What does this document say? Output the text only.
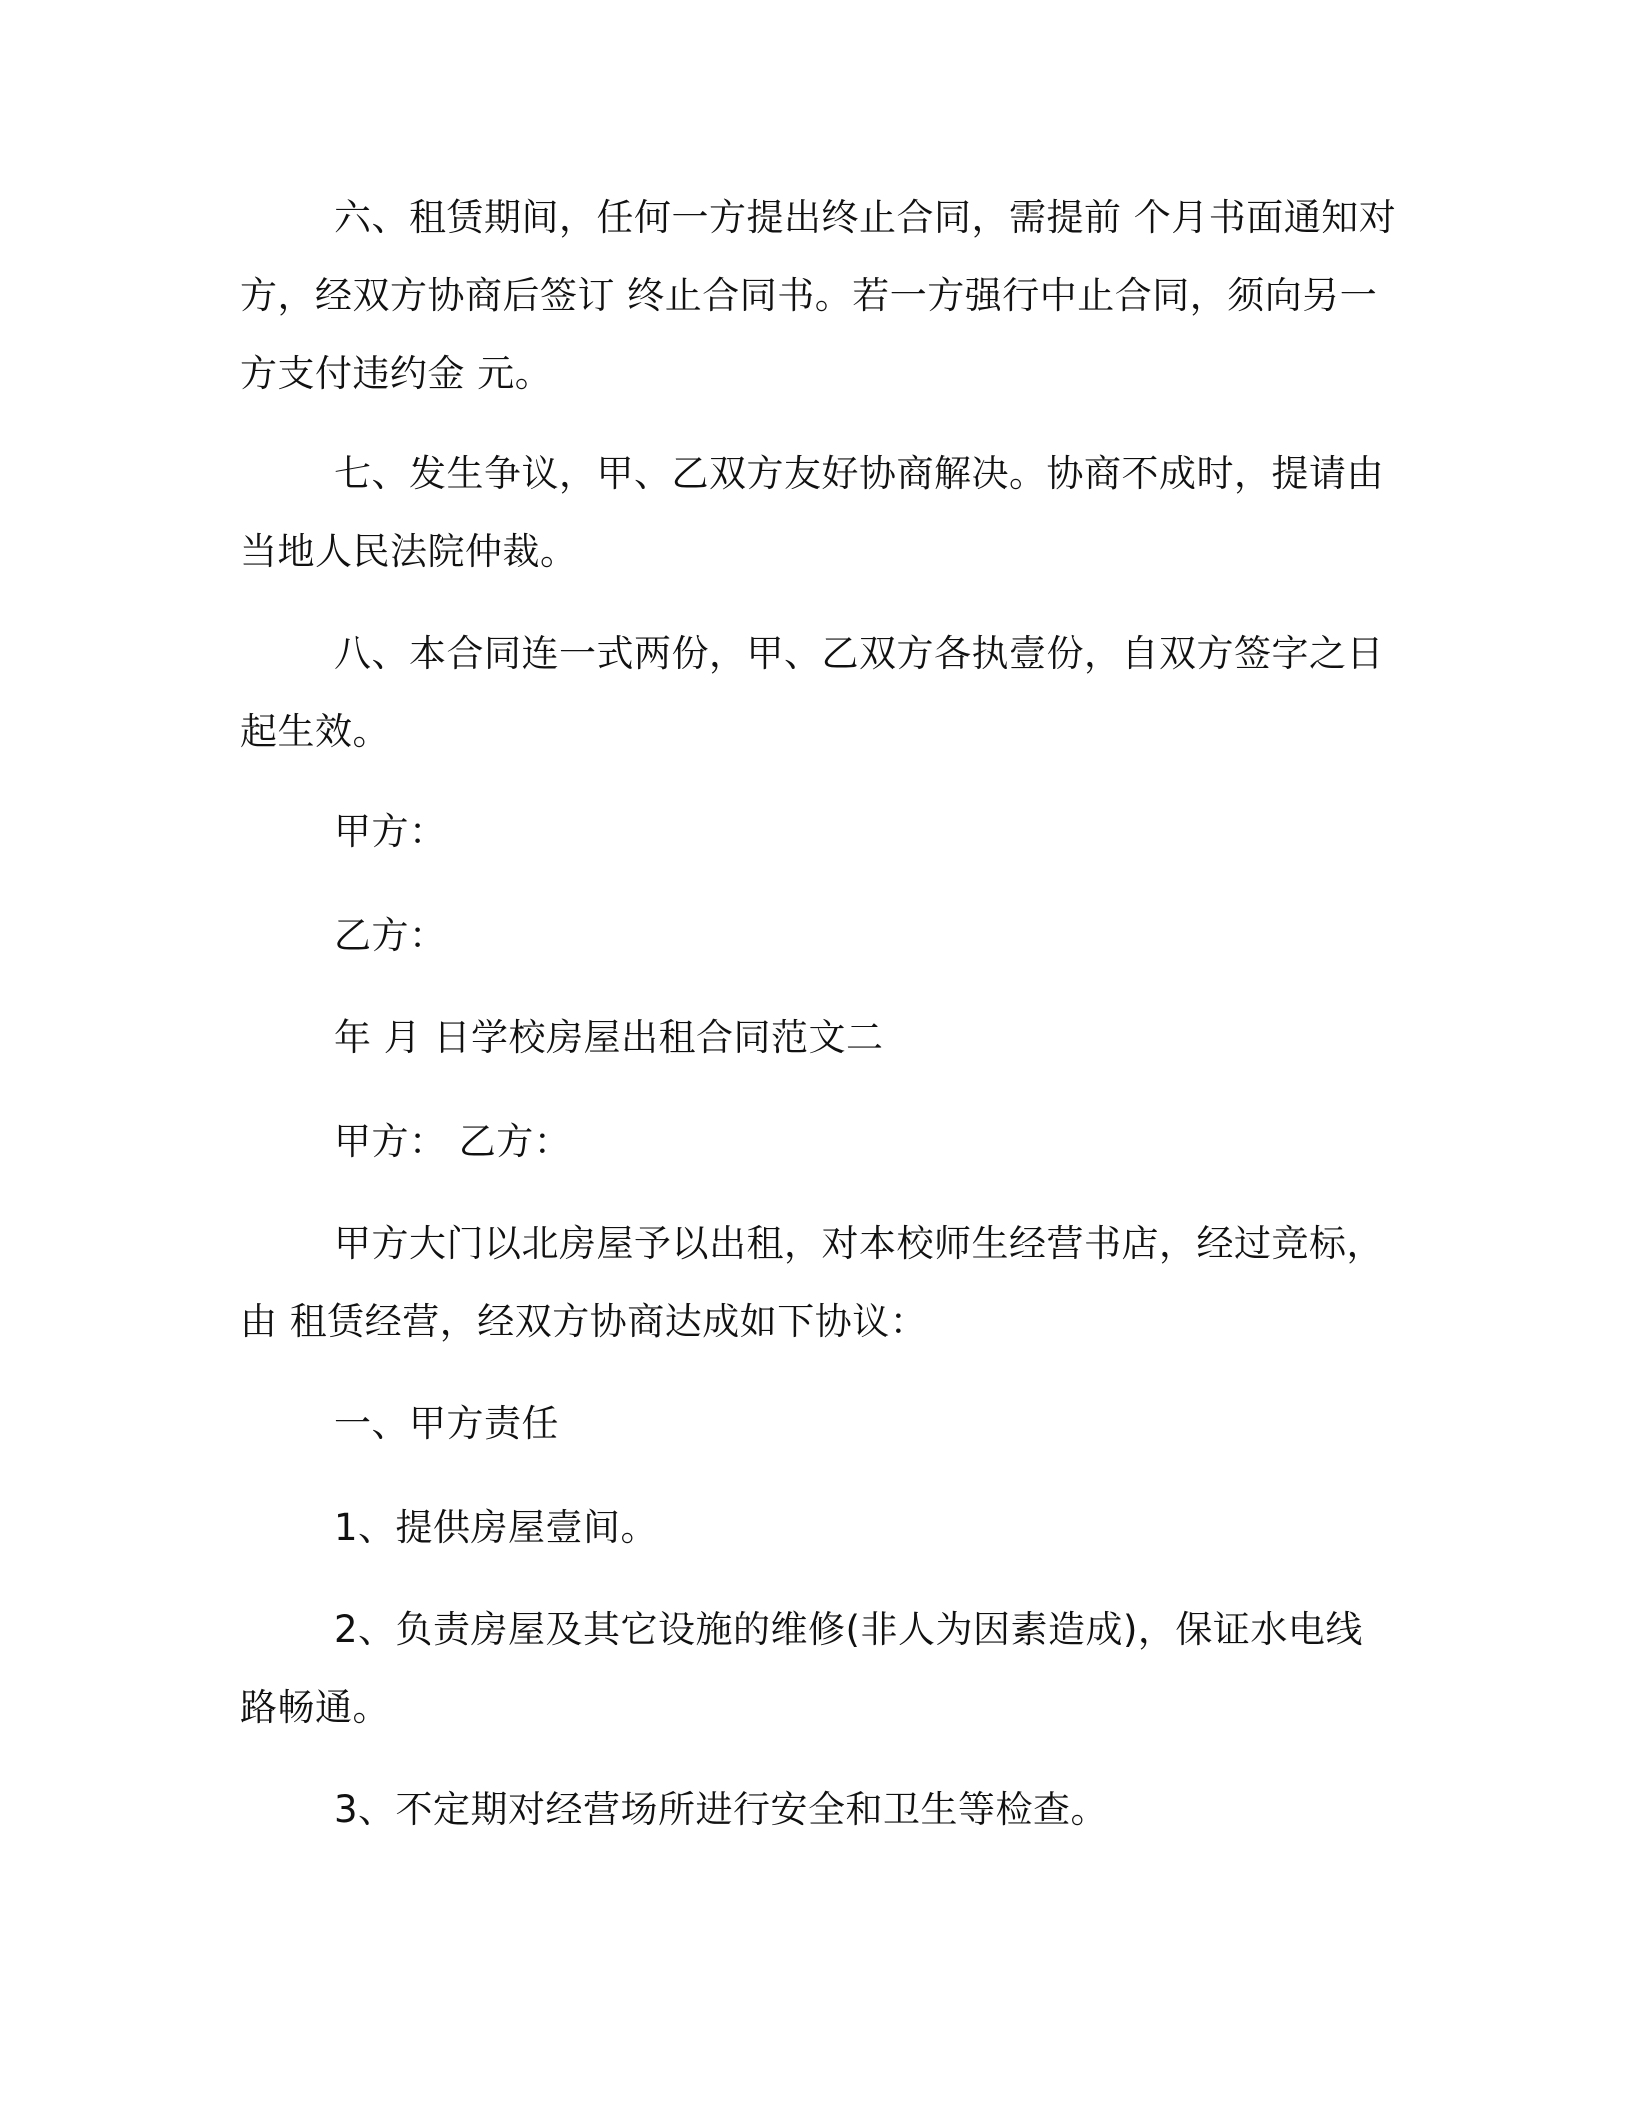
六、租赁期间，任何一方提出终止合同，需提前 个月书面通知对
方，经双方协商后签订 终止合同书。若一方强行中止合同，须向另一
方支付违约金 元。
七、发生争议，甲、乙双方友好协商解决。协商不成时，提请由
当地人民法院仲裁。
八、本合同连一式两份，甲、乙双方各执壹份，自双方签字之日
起生效。
甲方：
乙方：
年 月 日学校房屋出租合同范文二
甲方： 乙方：
甲方大门以北房屋予以出租，对本校师生经营书店，经过竞标，
由 租赁经营，经双方协商达成如下协议：
一、甲方责任
1、提供房屋壹间。
2、负责房屋及其它设施的维修(非人为因素造成)，保证水电线
路畅通。
3、不定期对经营场所进行安全和卫生等检查。
